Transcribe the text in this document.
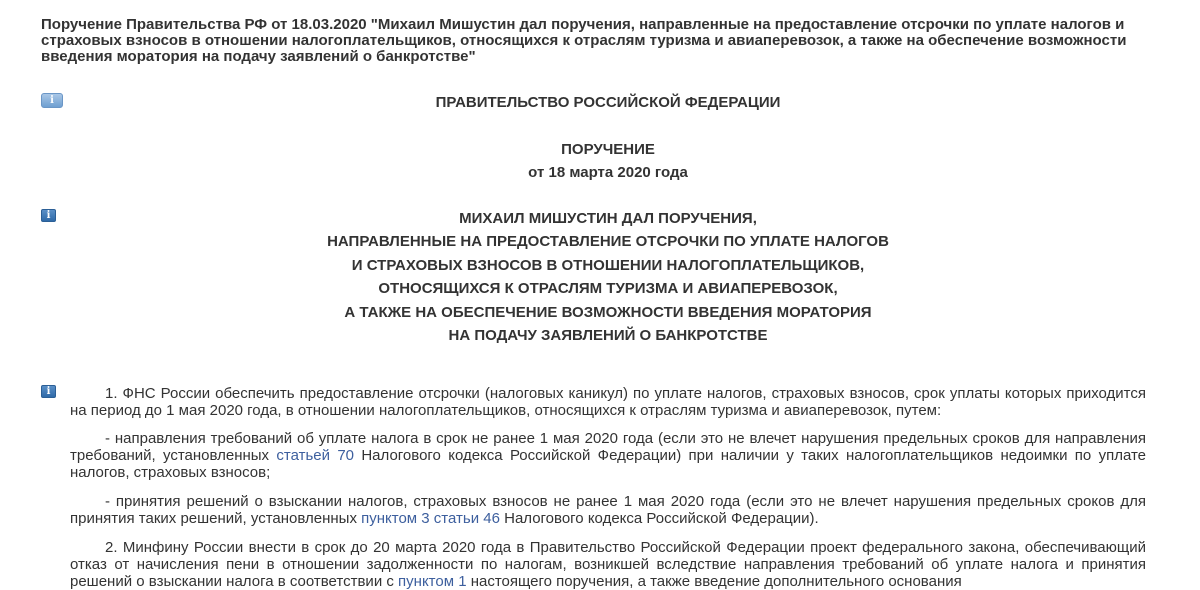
Поручение Правительства РФ от 18.03.2020 "Михаил Мишустин дал поручения, направленные на предоставление отсрочки по уплате налогов и страховых взносов в отношении налогоплательщиков, относящихся к отраслям туризма и авиаперевозок, а также на обеспечение возможности введения моратория на подачу заявлений о банкротстве"
i	ПРАВИТЕЛЬСТВО РОССИЙСКОЙ ФЕДЕРАЦИИ
ПОРУЧЕНИЕ
от 18 марта 2020 года
i	МИХАИЛ МИШУСТИН ДАЛ ПОРУЧЕНИЯ,
НАПРАВЛЕННЫЕ НА ПРЕДОСТАВЛЕНИЕ ОТСРОЧКИ ПО УПЛАТЕ НАЛОГОВ
И СТРАХОВЫХ ВЗНОСОВ В ОТНОШЕНИИ НАЛОГОПЛАТЕЛЬЩИКОВ,
ОТНОСЯЩИХСЯ К ОТРАСЛЯМ ТУРИЗМА И АВИАПЕРЕВОЗОК,
А ТАКЖЕ НА ОБЕСПЕЧЕНИЕ ВОЗМОЖНОСТИ ВВЕДЕНИЯ МОРАТОРИЯ
НА ПОДАЧУ ЗАЯВЛЕНИЙ О БАНКРОТСТВЕ
i	1. ФНС России обеспечить предоставление отсрочки (налоговых каникул) по уплате налогов, страховых взносов, срок уплаты которых приходится на период до 1 мая 2020 года, в отношении налогоплательщиков, относящихся к отраслям туризма и авиаперевозок, путем:
- направления требований об уплате налога в срок не ранее 1 мая 2020 года (если это не влечет нарушения предельных сроков для направления требований, установленных статьей 70 Налогового кодекса Российской Федерации) при наличии у таких налогоплательщиков недоимки по уплате налогов, страховых взносов;
- принятия решений о взыскании налогов, страховых взносов не ранее 1 мая 2020 года (если это не влечет нарушения предельных сроков для принятия таких решений, установленных пунктом 3 статьи 46 Налогового кодекса Российской Федерации).
2. Минфину России внести в срок до 20 марта 2020 года в Правительство Российской Федерации проект федерального закона, обеспечивающий отказ от начисления пени в отношении задолженности по налогам, возникшей вследствие направления требований об уплате налога и принятия решений о взыскании налога в соответствии с пунктом 1 настоящего поручения, а также введение дополнительного основания
